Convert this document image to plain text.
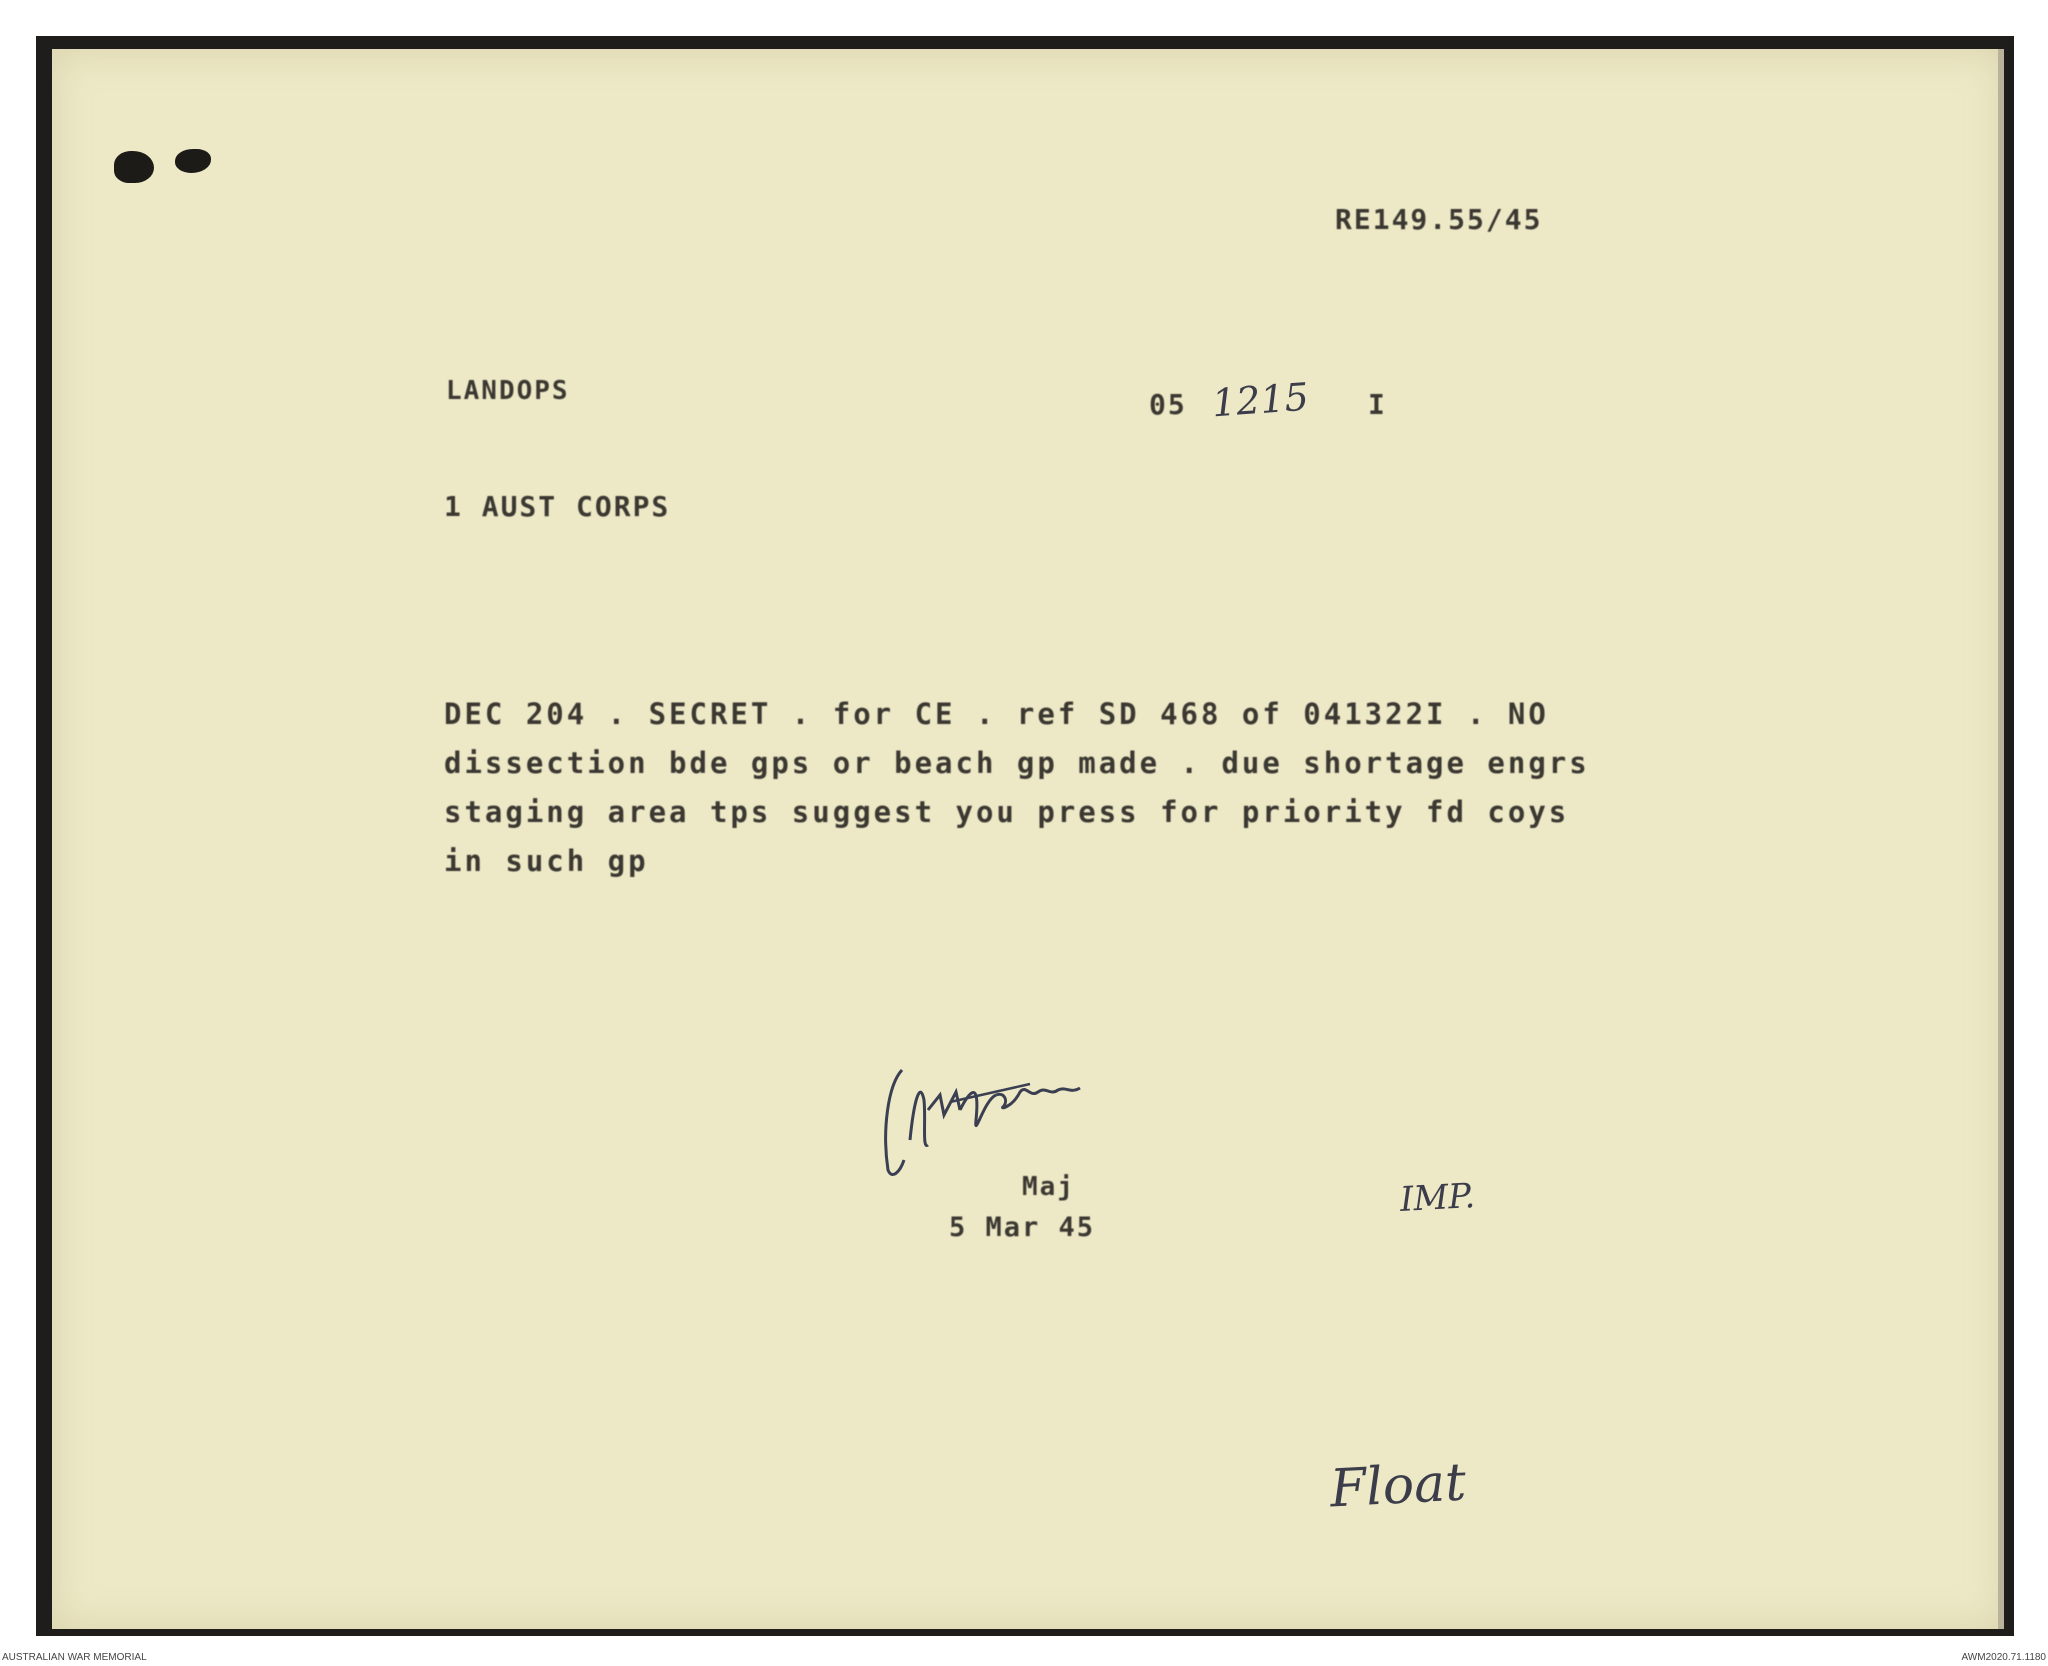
RE149.55/45
LANDOPS	05 1215 I
1 AUST CORPS
DEC 204 . SECRET . for CE . ref SD 468 of 041322I . NO
dissection bde gps or beach gp made . due shortage engrs
staging area tps suggest you press for priority fd coys
in such gp
Maj
5 Mar 45
IMP.
Float
AUSTRALIAN WAR MEMORIAL	AWM2020.71.1180
